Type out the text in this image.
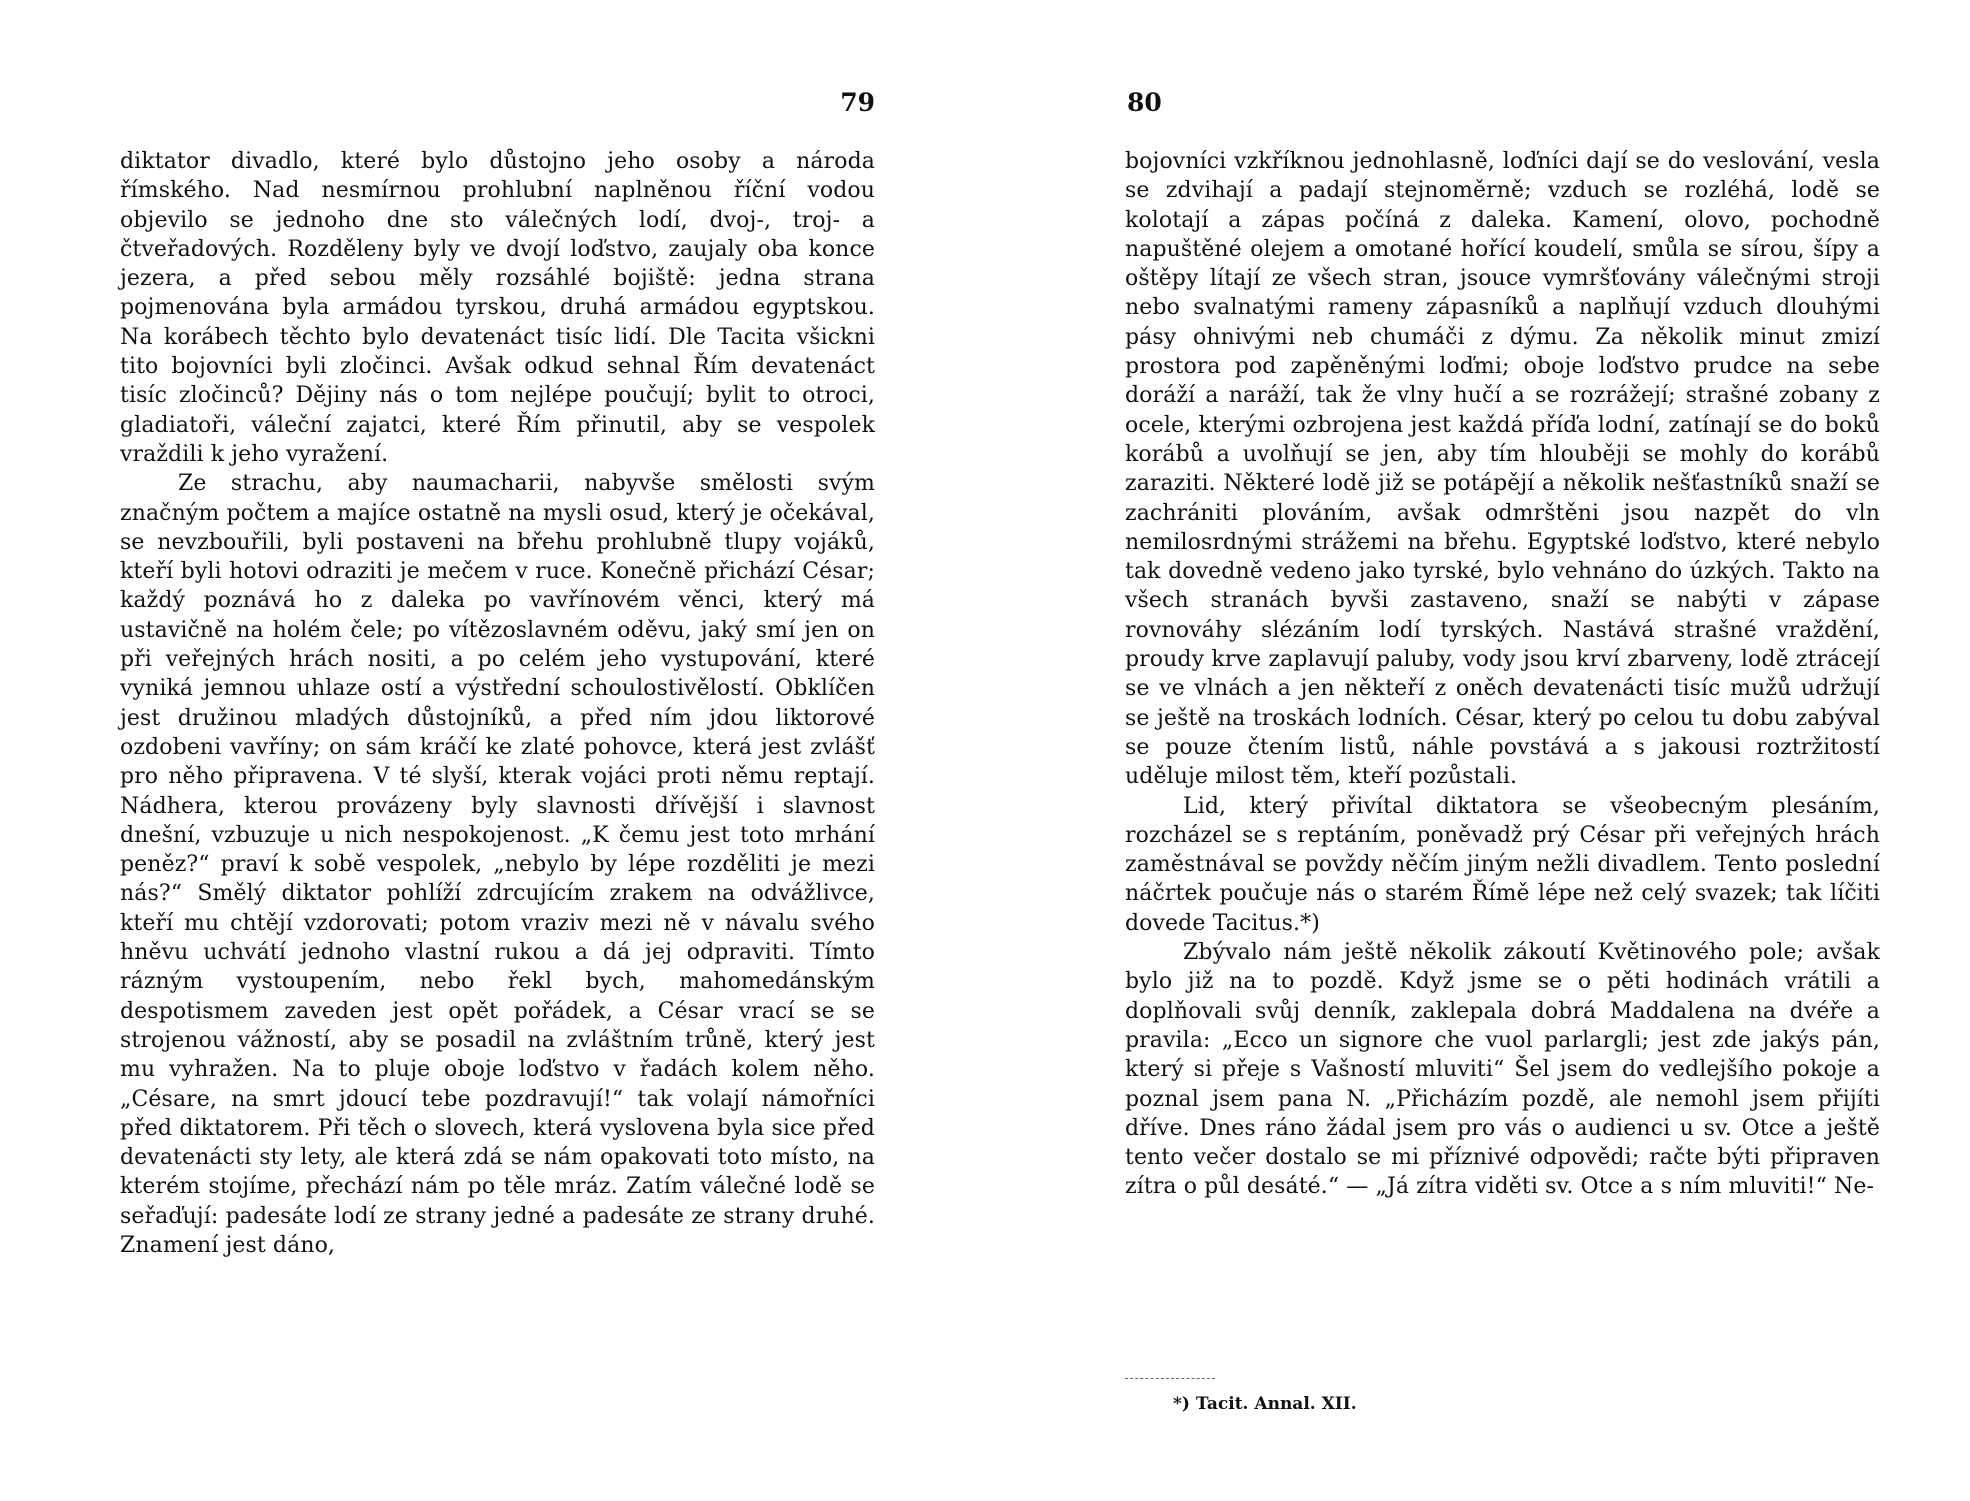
79

diktator divadlo, které bylo důstojno jeho osoby a národa římského. Nad nesmírnou prohlubní naplněnou říční vodou objevilo se jednoho dne sto válečných lodí, dvoj-, troj- a čtveřadových. Rozděleny byly ve dvojí loďstvo, zaujaly oba konce jezera, a před sebou měly rozsáhlé bojiště: jedna strana pojmenována byla armádou tyrskou, druhá armádou egyptskou. Na korábech těchto bylo devatenáct tisíc lidí. Dle Tacita všickni tito bojovníci byli zločinci. Avšak odkud sehnal Řím devatenáct tisíc zločinců? Dějiny nás o tom nejlépe poučují; bylit to otroci, gladiatoři, váleční zajatci, které Řím přinutil, aby se vespolek vraždili k jeho vyražení.

Ze strachu, aby naumacharii, nabyvše smělosti svým značným počtem a majíce ostatně na mysli osud, který je očekával, se nevzbouřili, byli postaveni na břehu prohlubně tlupy vojáků, kteří byli hotovi odraziti je mečem v ruce. Konečně přichází César; každý poznává ho z daleka po vavřínovém věnci, který má ustavičně na holém čele; po vítězoslavném oděvu, jaký smí jen on při veřejných hrách nositi, a po celém jeho vystupování, které vyniká jemnou uhlaze ostí a výstřední schoulostivělostí. Obklíčen jest družinou mladých důstojníků, a před ním jdou liktorové ozdobeni vavříny; on sám kráčí ke zlaté pohovce, která jest zvlášť pro něho připravena. V té slyší, kterak vojáci proti němu reptají. Nádhera, kterou provázeny byly slavnosti dřívější i slavnost dnešní, vzbuzuje u nich nespokojenost. „K čemu jest toto mrhání peněz?“ praví k sobě vespolek, „nebylo by lépe rozděliti je mezi nás?“ Smělý diktator pohlíží zdrcujícím zrakem na odvážlivce, kteří mu chtějí vzdorovati; potom vraziv mezi ně v návalu svého hněvu uchvátí jednoho vlastní rukou a dá jej odpraviti. Tímto rázným vystoupením, nebo řekl bych, mahomedánským despotismem zaveden jest opět pořádek, a César vrací se se strojenou vážností, aby se posadil na zvláštním trůně, který jest mu vyhražen. Na to pluje oboje loďstvo v řadách kolem něho. „Césare, na smrt jdoucí tebe pozdravují!“ tak volají námořníci před diktatorem. Při těch o slovech, která vyslovena byla sice před devatenácti sty lety, ale která zdá se nám opakovati toto místo, na kterém stojíme, přechází nám po těle mráz. Zatím válečné lodě se seřaďují: padesáte lodí ze strany jedné a padesáte ze strany druhé. Znamení jest dáno,

80

bojovníci vzkříknou jednohlasně, loďníci dají se do veslování, vesla se zdvihají a padají stejnoměrně; vzduch se rozléhá, lodě se kolotají a zápas počíná z daleka. Kamení, olovo, pochodně napuštěné olejem a omotané hořící koudelí, smůla se sírou, šípy a oštěpy lítají ze všech stran, jsouce vymršťovány válečnými stroji nebo svalnatými rameny zápasníků a naplňují vzduch dlouhými pásy ohnivými neb chumáči z dýmu. Za několik minut zmizí prostora pod zapěněnými loďmi; oboje loďstvo prudce na sebe doráží a naráží, tak že vlny hučí a se rozrážejí; strašné zobany z ocele, kterými ozbrojena jest každá příďa lodní, zatínají se do boků korábů a uvolňují se jen, aby tím hlouběji se mohly do korábů zaraziti. Některé lodě již se potápějí a několik nešťastníků snaží se zachrániti plováním, avšak odmrštěni jsou nazpět do vln nemilosrdnými strážemi na břehu. Egyptské loďstvo, které nebylo tak dovedně vedeno jako tyrské, bylo vehnáno do úzkých. Takto na všech stranách byvši zastaveno, snaží se nabýti v zápase rovnováhy slézáním lodí tyrských. Nastává strašné vraždění, proudy krve zaplavují paluby, vody jsou krví zbarveny, lodě ztrácejí se ve vlnách a jen někteří z oněch devatenácti tisíc mužů udržují se ještě na troskách lodních. César, který po celou tu dobu zabýval se pouze čtením listů, náhle povstává a s jakousi roztržitostí uděluje milost těm, kteří pozůstali.

Lid, který přivítal diktatora se všeobecným plesáním, rozcházel se s reptáním, poněvadž prý César při veřejných hrách zaměstnával se povždy něčím jiným nežli divadlem. Tento poslední náčrtek poučuje nás o starém Římě lépe než celý svazek; tak líčiti dovede Tacitus.*)

Zbývalo nám ještě několik zákoutí Květinového pole; avšak bylo již na to pozdě. Když jsme se o pěti hodinách vrátili a doplňovali svůj denník, zaklepala dobrá Maddalena na dvéře a pravila: „Ecco un signore che vuol parlargli; jest zde jakýs pán, který si přeje s Vašností mluviti“ Šel jsem do vedlejšího pokoje a poznal jsem pana N. „Přicházím pozdě, ale nemohl jsem přijíti dříve. Dnes ráno žádal jsem pro vás o audienci u sv. Otce a ještě tento večer dostalo se mi příznivé odpovědi; račte býti připraven zítra o půl desáté.“ — „Já zítra viděti sv. Otce a s ním mluviti!“ Ne-

*) Tacit. Annal. XII.
